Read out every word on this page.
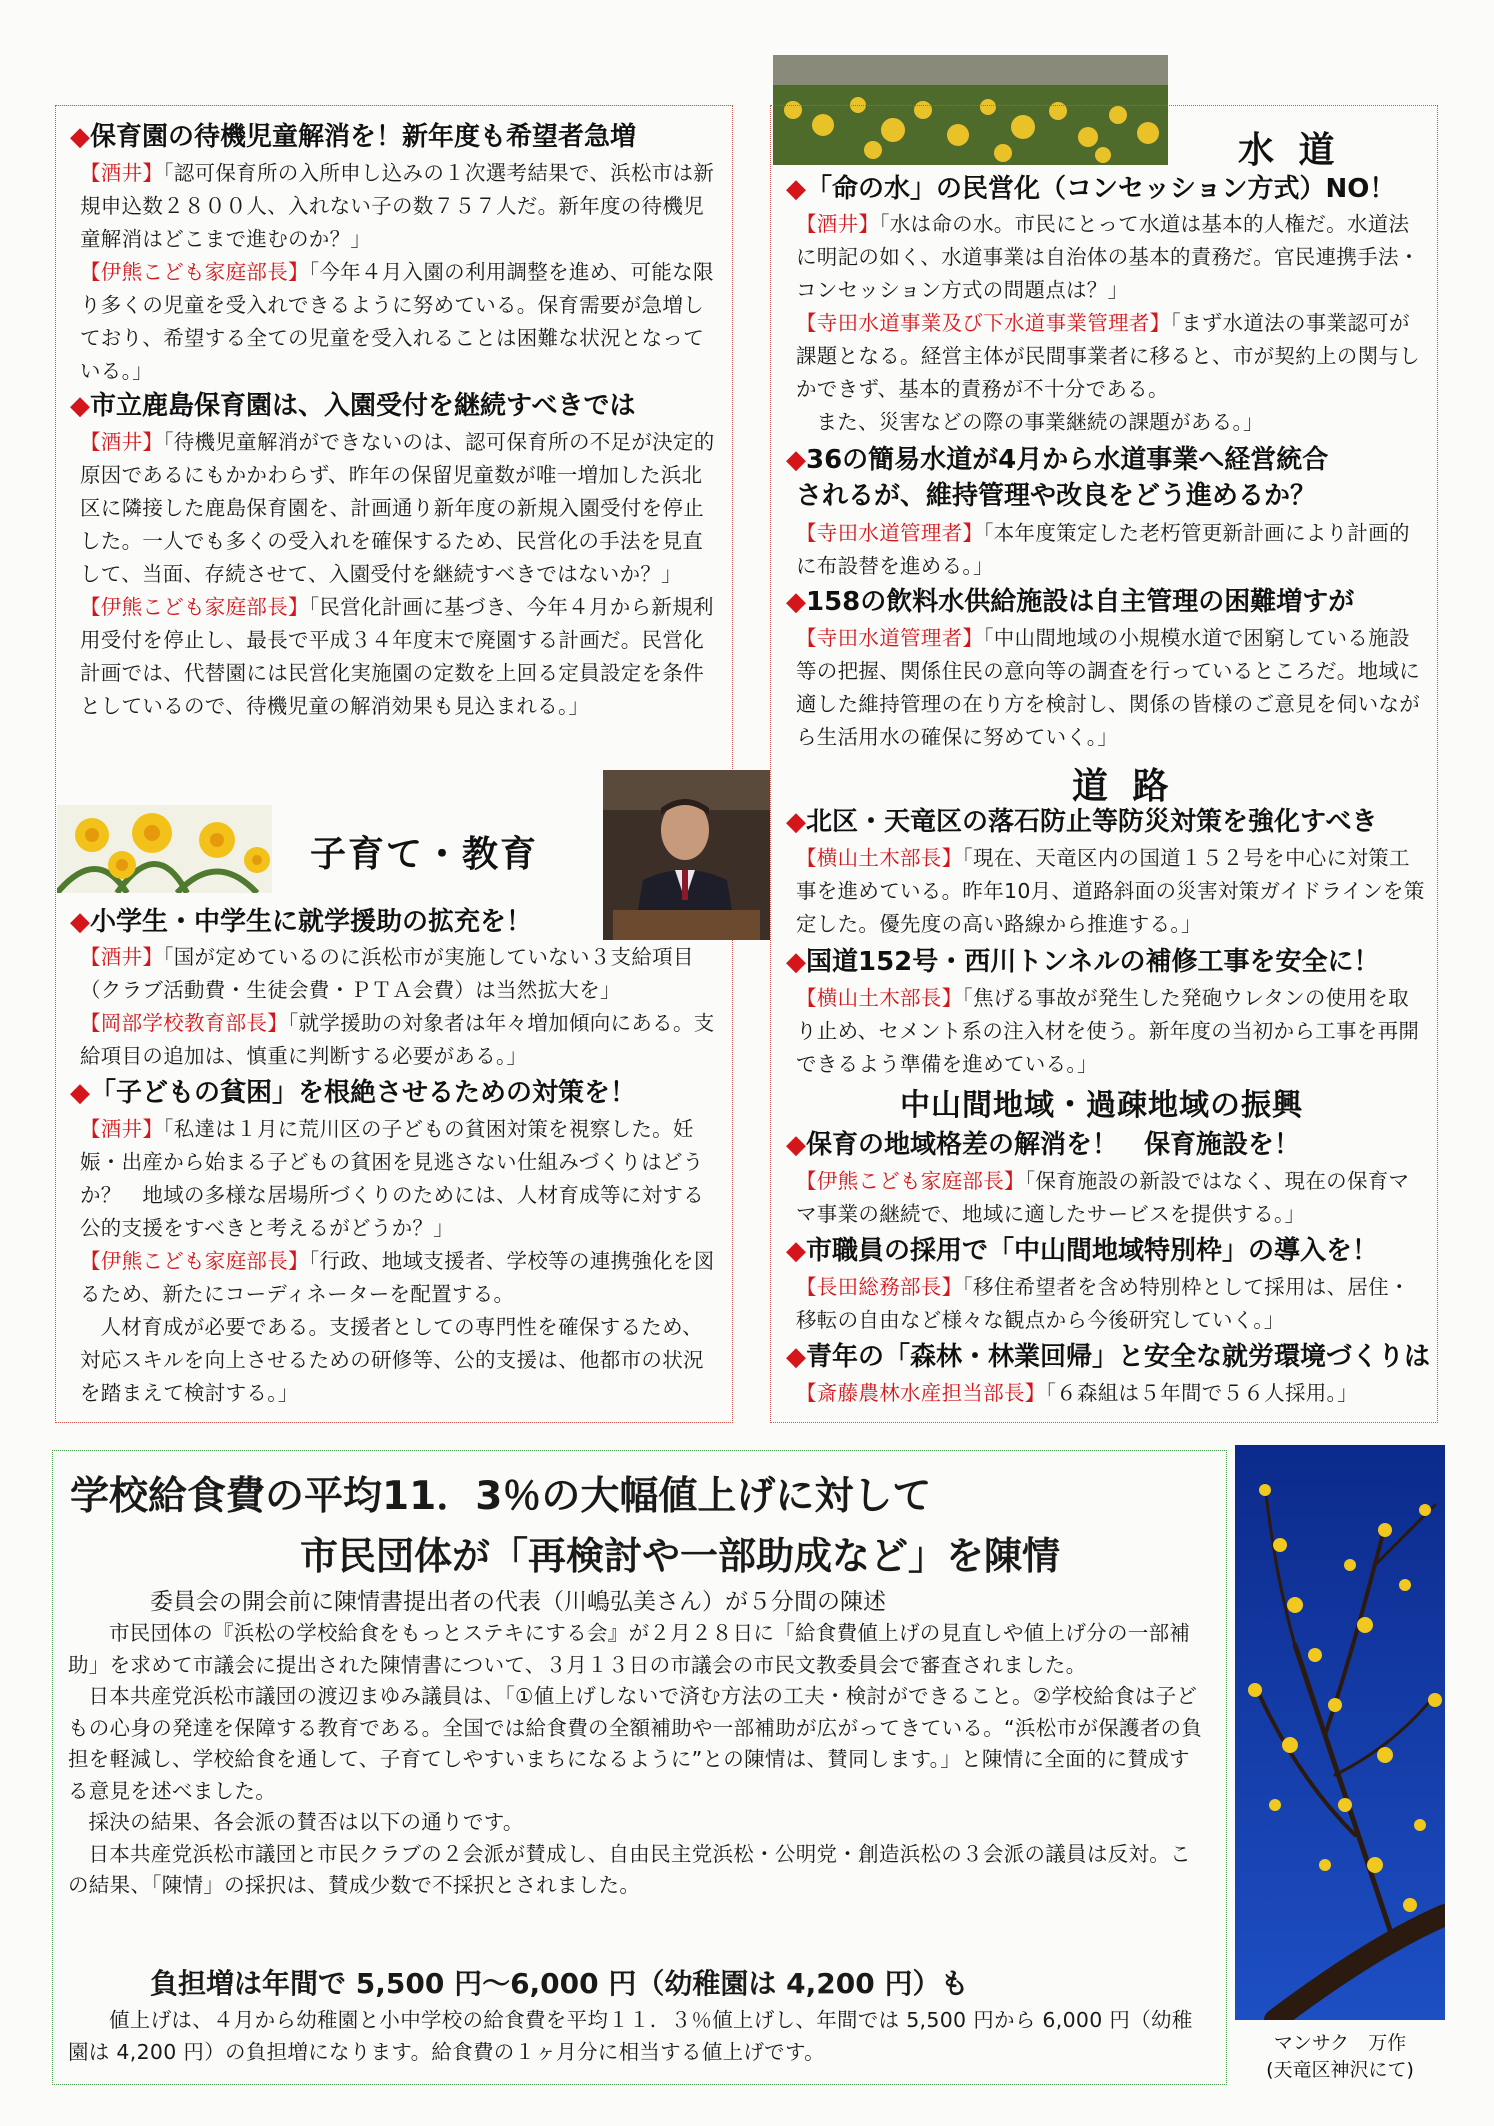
◆保育園の待機児童解消を！新年度も希望者急増

【酒井】「認可保育所の入所申し込みの１次選考結果で、浜松市は新規申込数２８００人、入れない子の数７５７人だ。新年度の待機児童解消はどこまで進むのか？」

【伊熊こども家庭部長】「今年４月入園の利用調整を進め、可能な限り多くの児童を受入れできるように努めている。保育需要が急増しており、希望する全ての児童を受入れることは困難な状況となっている。」

◆市立鹿島保育園は、入園受付を継続すべきでは

【酒井】「待機児童解消ができないのは、認可保育所の不足が決定的原因であるにもかかわらず、昨年の保留児童数が唯一増加した浜北区に隣接した鹿島保育園を、計画通り新年度の新規入園受付を停止した。一人でも多くの受入れを確保するため、民営化の手法を見直して、当面、存続させて、入園受付を継続すべきではないか？」

【伊熊こども家庭部長】「民営化計画に基づき、今年４月から新規利用受付を停止し、最長で平成３４年度末で廃園する計画だ。民営化計画では、代替園には民営化実施園の定数を上回る定員設定を条件としているので、待機児童の解消効果も見込まれる。」

子育て・教育
◆小学生・中学生に就学援助の拡充を！

【酒井】「国が定めているのに浜松市が実施していない３支給項目（クラブ活動費・生徒会費・ＰＴＡ会費）は当然拡大を」

【岡部学校教育部長】「就学援助の対象者は年々増加傾向にある。支給項目の追加は、慎重に判断する必要がある。」

◆「子どもの貧困」を根絶させるための対策を！

【酒井】「私達は１月に荒川区の子どもの貧困対策を視察した。妊娠・出産から始まる子どもの貧困を見逃さない仕組みづくりはどうか？　地域の多様な居場所づくりのためには、人材育成等に対する公的支援をすべきと考えるがどうか？」

【伊熊こども家庭部長】「行政、地域支援者、学校等の連携強化を図るため、新たにコーディネーターを配置する。

人材育成が必要である。支援者としての専門性を確保するため、対応スキルを向上させるための研修等、公的支援は、他都市の状況を踏まえて検討する。」

水 道
◆「命の水」の民営化（コンセッション方式）NO！

【酒井】「水は命の水。市民にとって水道は基本的人権だ。水道法に明記の如く、水道事業は自治体の基本的責務だ。官民連携手法・コンセッション方式の問題点は？」

【寺田水道事業及び下水道事業管理者】「まず水道法の事業認可が課題となる。経営主体が民間事業者に移ると、市が契約上の関与しかできず、基本的責務が不十分である。

また、災害などの際の事業継続の課題がある。」

◆36の簡易水道が4月から水道事業へ経営統合
されるが、維持管理や改良をどう進めるか？

【寺田水道管理者】「本年度策定した老朽管更新計画により計画的に布設替を進める。」

◆158の飲料水供給施設は自主管理の困難増すが

【寺田水道管理者】「中山間地域の小規模水道で困窮している施設等の把握、関係住民の意向等の調査を行っているところだ。地域に適した維持管理の在り方を検討し、関係の皆様のご意見を伺いながら生活用水の確保に努めていく。」

道 路
◆北区・天竜区の落石防止等防災対策を強化すべき

【横山土木部長】「現在、天竜区内の国道１５２号を中心に対策工事を進めている。昨年10月、道路斜面の災害対策ガイドラインを策定した。優先度の高い路線から推進する。」

◆国道152号・西川トンネルの補修工事を安全に！

【横山土木部長】「焦げる事故が発生した発砲ウレタンの使用を取り止め、セメント系の注入材を使う。新年度の当初から工事を再開できるよう準備を進めている。」

中山間地域・過疎地域の振興
◆保育の地域格差の解消を！　保育施設を！

【伊熊こども家庭部長】「保育施設の新設ではなく、現在の保育ママ事業の継続で、地域に適したサービスを提供する。」

◆市職員の採用で「中山間地域特別枠」の導入を！

【長田総務部長】「移住希望者を含め特別枠として採用は、居住・移転の自由など様々な観点から今後研究していく。」

◆青年の「森林・林業回帰」と安全な就労環境づくりは

【斎藤農林水産担当部長】「６森組は５年間で５６人採用。」

学校給食費の平均11．3％の大幅値上げに対して
市民団体が「再検討や一部助成など」を陳情
委員会の開会前に陳情書提出者の代表（川嶋弘美さん）が５分間の陳述

市民団体の『浜松の学校給食をもっとステキにする会』が２月２８日に「給食費値上げの見直しや値上げ分の一部補助」を求めて市議会に提出された陳情書について、３月１３日の市議会の市民文教委員会で審査されました。

日本共産党浜松市議団の渡辺まゆみ議員は、「①値上げしないで済む方法の工夫・検討ができること。②学校給食は子どもの心身の発達を保障する教育である。全国では給食費の全額補助や一部補助が広がってきている。“浜松市が保護者の負担を軽減し、学校給食を通して、子育てしやすいまちになるように”との陳情は、賛同します。」と陳情に全面的に賛成する意見を述べました。

採決の結果、各会派の賛否は以下の通りです。

日本共産党浜松市議団と市民クラブの２会派が賛成し、自由民主党浜松・公明党・創造浜松の３会派の議員は反対。この結果、「陳情」の採択は、賛成少数で不採択とされました。

負担増は年間で 5,500 円～6,000 円（幼稚園は 4,200 円）も

値上げは、４月から幼稚園と小中学校の給食費を平均１１．３％値上げし、年間では 5,500 円から 6,000 円（幼稚園は 4,200 円）の負担増になります。給食費の１ヶ月分に相当する値上げです。	マンサク　万作
(天竜区神沢にて)
